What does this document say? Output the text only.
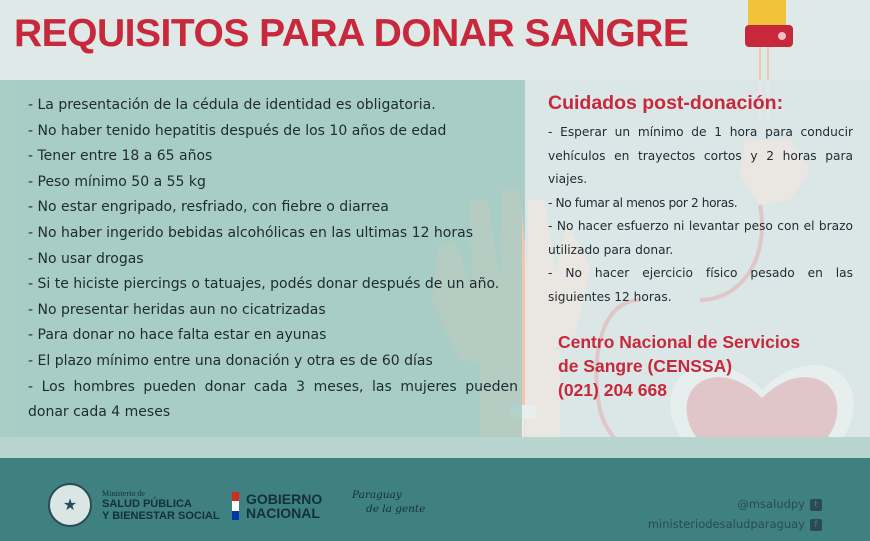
REQUISITOS PARA DONAR SANGRE
- La presentación de la cédula de identidad es obligatoria.
- No haber tenido hepatitis después de los 10 años de edad
- Tener entre 18 a 65 años
- Peso mínimo 50 a 55 kg
- No estar engripado, resfriado, con fiebre o diarrea
- No haber ingerido bebidas alcohólicas en las ultimas 12 horas
- No usar drogas
- Si te hiciste piercings o tatuajes, podés donar después de un año.
- No presentar heridas aun no cicatrizadas
- Para donar no hace falta estar en ayunas
- El plazo mínimo entre una donación y otra es de 60 días
- Los hombres pueden donar cada 3 meses, las mujeres pueden donar cada 4 meses
Cuidados post-donación:
- Esperar un mínimo de 1 hora para conducir vehículos en trayectos cortos y 2 horas para viajes.
- No fumar al menos por 2 horas.
- No hacer esfuerzo ni levantar peso con el brazo utilizado para donar.
- No hacer ejercicio físico pesado en las siguientes 12 horas.
Centro Nacional de Servicios
de Sangre (CENSSA)
(021) 204 668
★
Ministerio de
SALUD PÚBLICA
Y BIENESTAR SOCIAL
GOBIERNO
NACIONAL
Paraguay
de la gente	@msaludpy t
ministeriodesaludparaguay f
